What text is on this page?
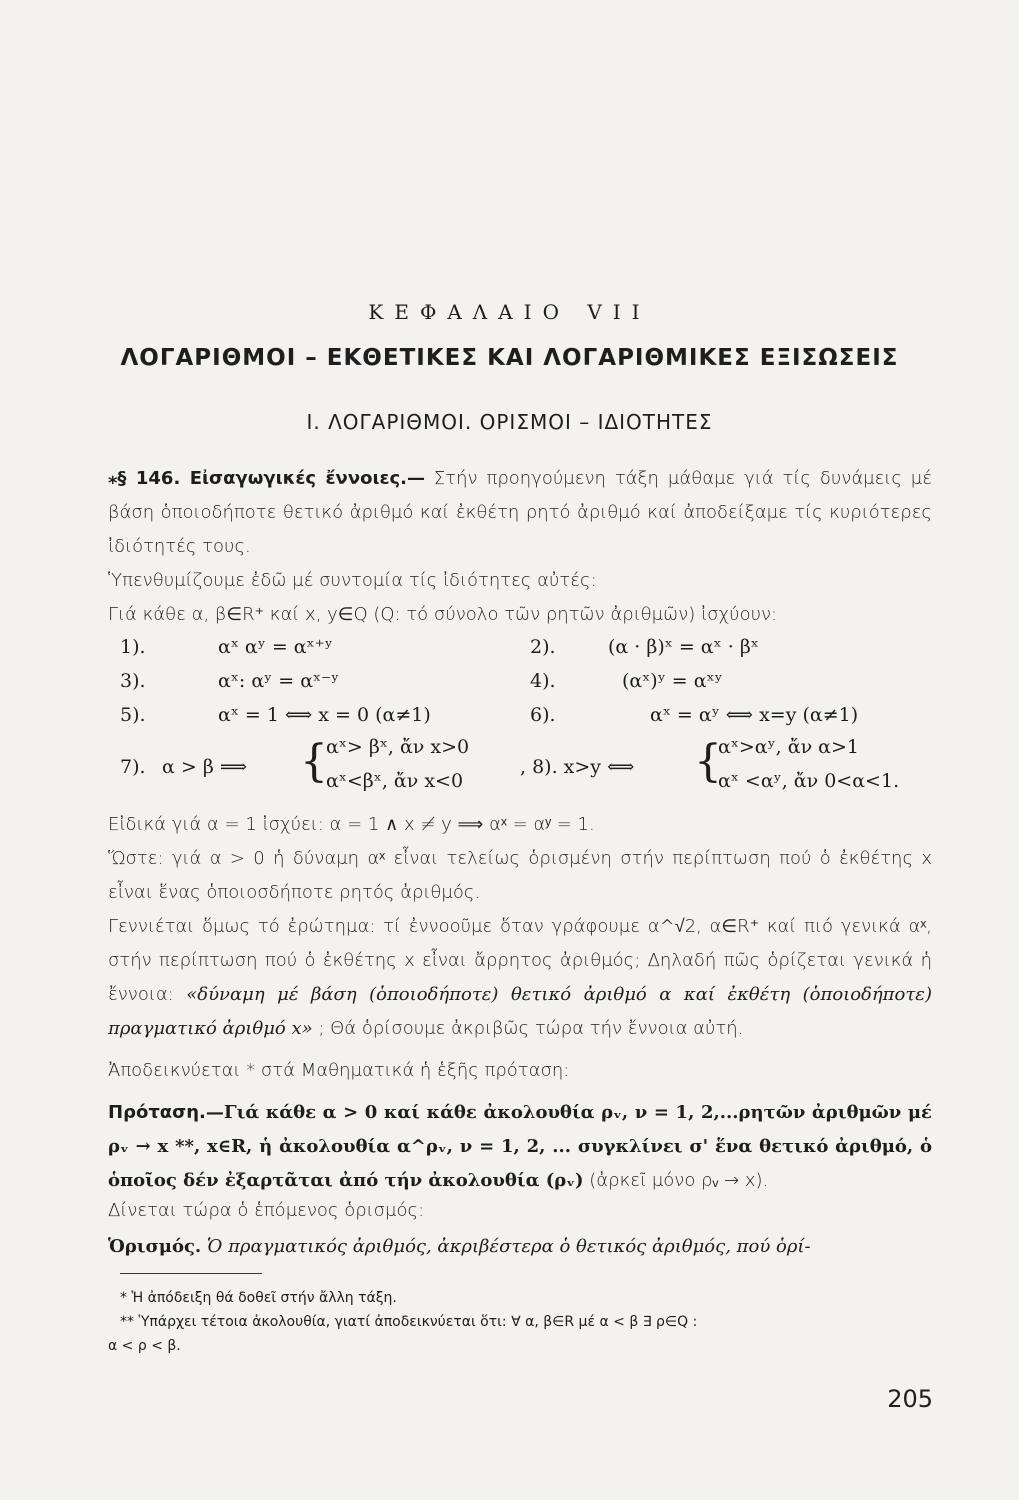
ΚΕΦΑΛΑΙΟ VII
ΛΟΓΑΡΙΘΜΟΙ – ΕΚΘΕΤΙΚΕΣ ΚΑΙ ΛΟΓΑΡΙΘΜΙΚΕΣ ΕΞΙΣΩΣΕΙΣ
Ι. ΛΟΓΑΡΙΘΜΟΙ. ΟΡΙΣΜΟΙ – ΙΔΙΟΤΗΤΕΣ
⁎§ 146. Εἰσαγωγικές ἔννοιες.— Στήν προηγούμενη τάξη μάθαμε γιά τίς δυνάμεις μέ βάση ὁποιοδήποτε θετικό ἀριθμό καί ἐκθέτη ρητό ἀριθμό καί ἀποδείξαμε τίς κυριότερες ἰδιότητές τους.
Ὑπενθυμίζουμε ἐδῶ μέ συντομία τίς ἰδιότητες αὐτές:
Γιά κάθε α, β∈R⁺ καί x, y∈Q (Q: τό σύνολο τῶν ρητῶν ἀριθμῶν) ἰσχύουν:
1).	αˣ αʸ = αˣ⁺ʸ	2).	(α · β)ˣ = αˣ · βˣ
3).	αˣ: αʸ = αˣ⁻ʸ	4).	(αˣ)ʸ = αˣʸ
5).	αˣ = 1 ⟺ x = 0 (α≠1)	6).	αˣ = αʸ ⟺ x=y (α≠1)
7). α > β ⟹ {
αˣ> βˣ, ἄν x>0
αˣ<βˣ, ἄν x<0
, 8). x>y ⟺ {
αˣ>αʸ, ἄν α>1
αˣ <αʸ, ἄν 0<α<1.
Εἰδικά γιά α = 1 ἰσχύει: α = 1 ∧ x ≠ y ⟹ αˣ = αʸ = 1.
Ὥστε: γιά α > 0 ἡ δύναμη αˣ εἶναι τελείως ὁρισμένη στήν περίπτωση πού ὁ ἐκθέτης x εἶναι ἕνας ὁποιοσδήποτε ρητός ἀριθμός.
Γεννιέται ὅμως τό ἐρώτημα: τί ἐννοοῦμε ὅταν γράφουμε α^√2, α∈R⁺ καί πιό γενικά αˣ, στήν περίπτωση πού ὁ ἐκθέτης x εἶναι ἄρρητος ἀριθμός; Δηλαδή πῶς ὁρίζεται γενικά ἡ ἔννοια: «δύναμη μέ βάση (ὁποιοδήποτε) θετικό ἀριθμό α καί ἐκθέτη (ὁποιοδήποτε) πραγματικό ἀριθμό x» ; Θά ὁρίσουμε ἀκριβῶς τώρα τήν ἔννοια αὐτή.
Ἀποδεικνύεται * στά Μαθηματικά ἡ ἑξῆς πρόταση:
Πρόταση.—Γιά κάθε α > 0 καί κάθε ἀκολουθία ρᵥ, ν = 1, 2,...ρητῶν ἀριθμῶν μέ ρᵥ → x **, x∈R, ἡ ἀκολουθία α^ρᵥ, ν = 1, 2, ... συγκλίνει σ' ἕνα θετικό ἀριθμό, ὁ ὁποῖος δέν ἐξαρτᾶται ἀπό τήν ἀκολουθία (ρᵥ) (ἀρκεῖ μόνο ρᵥ → x).
Δίνεται τώρα ὁ ἑπόμενος ὁρισμός:
Ὁρισμός. Ὁ πραγματικός ἀριθμός, ἀκριβέστερα ὁ θετικός ἀριθμός, πού ὁρί-
* Ἡ ἀπόδειξη θά δοθεῖ στήν ἄλλη τάξη.
** Ὑπάρχει τέτοια ἀκολουθία, γιατί ἀποδεικνύεται ὅτι: ∀ α, β∈R μέ α < β ∃ ρ∈Q :
α < ρ < β.
205
